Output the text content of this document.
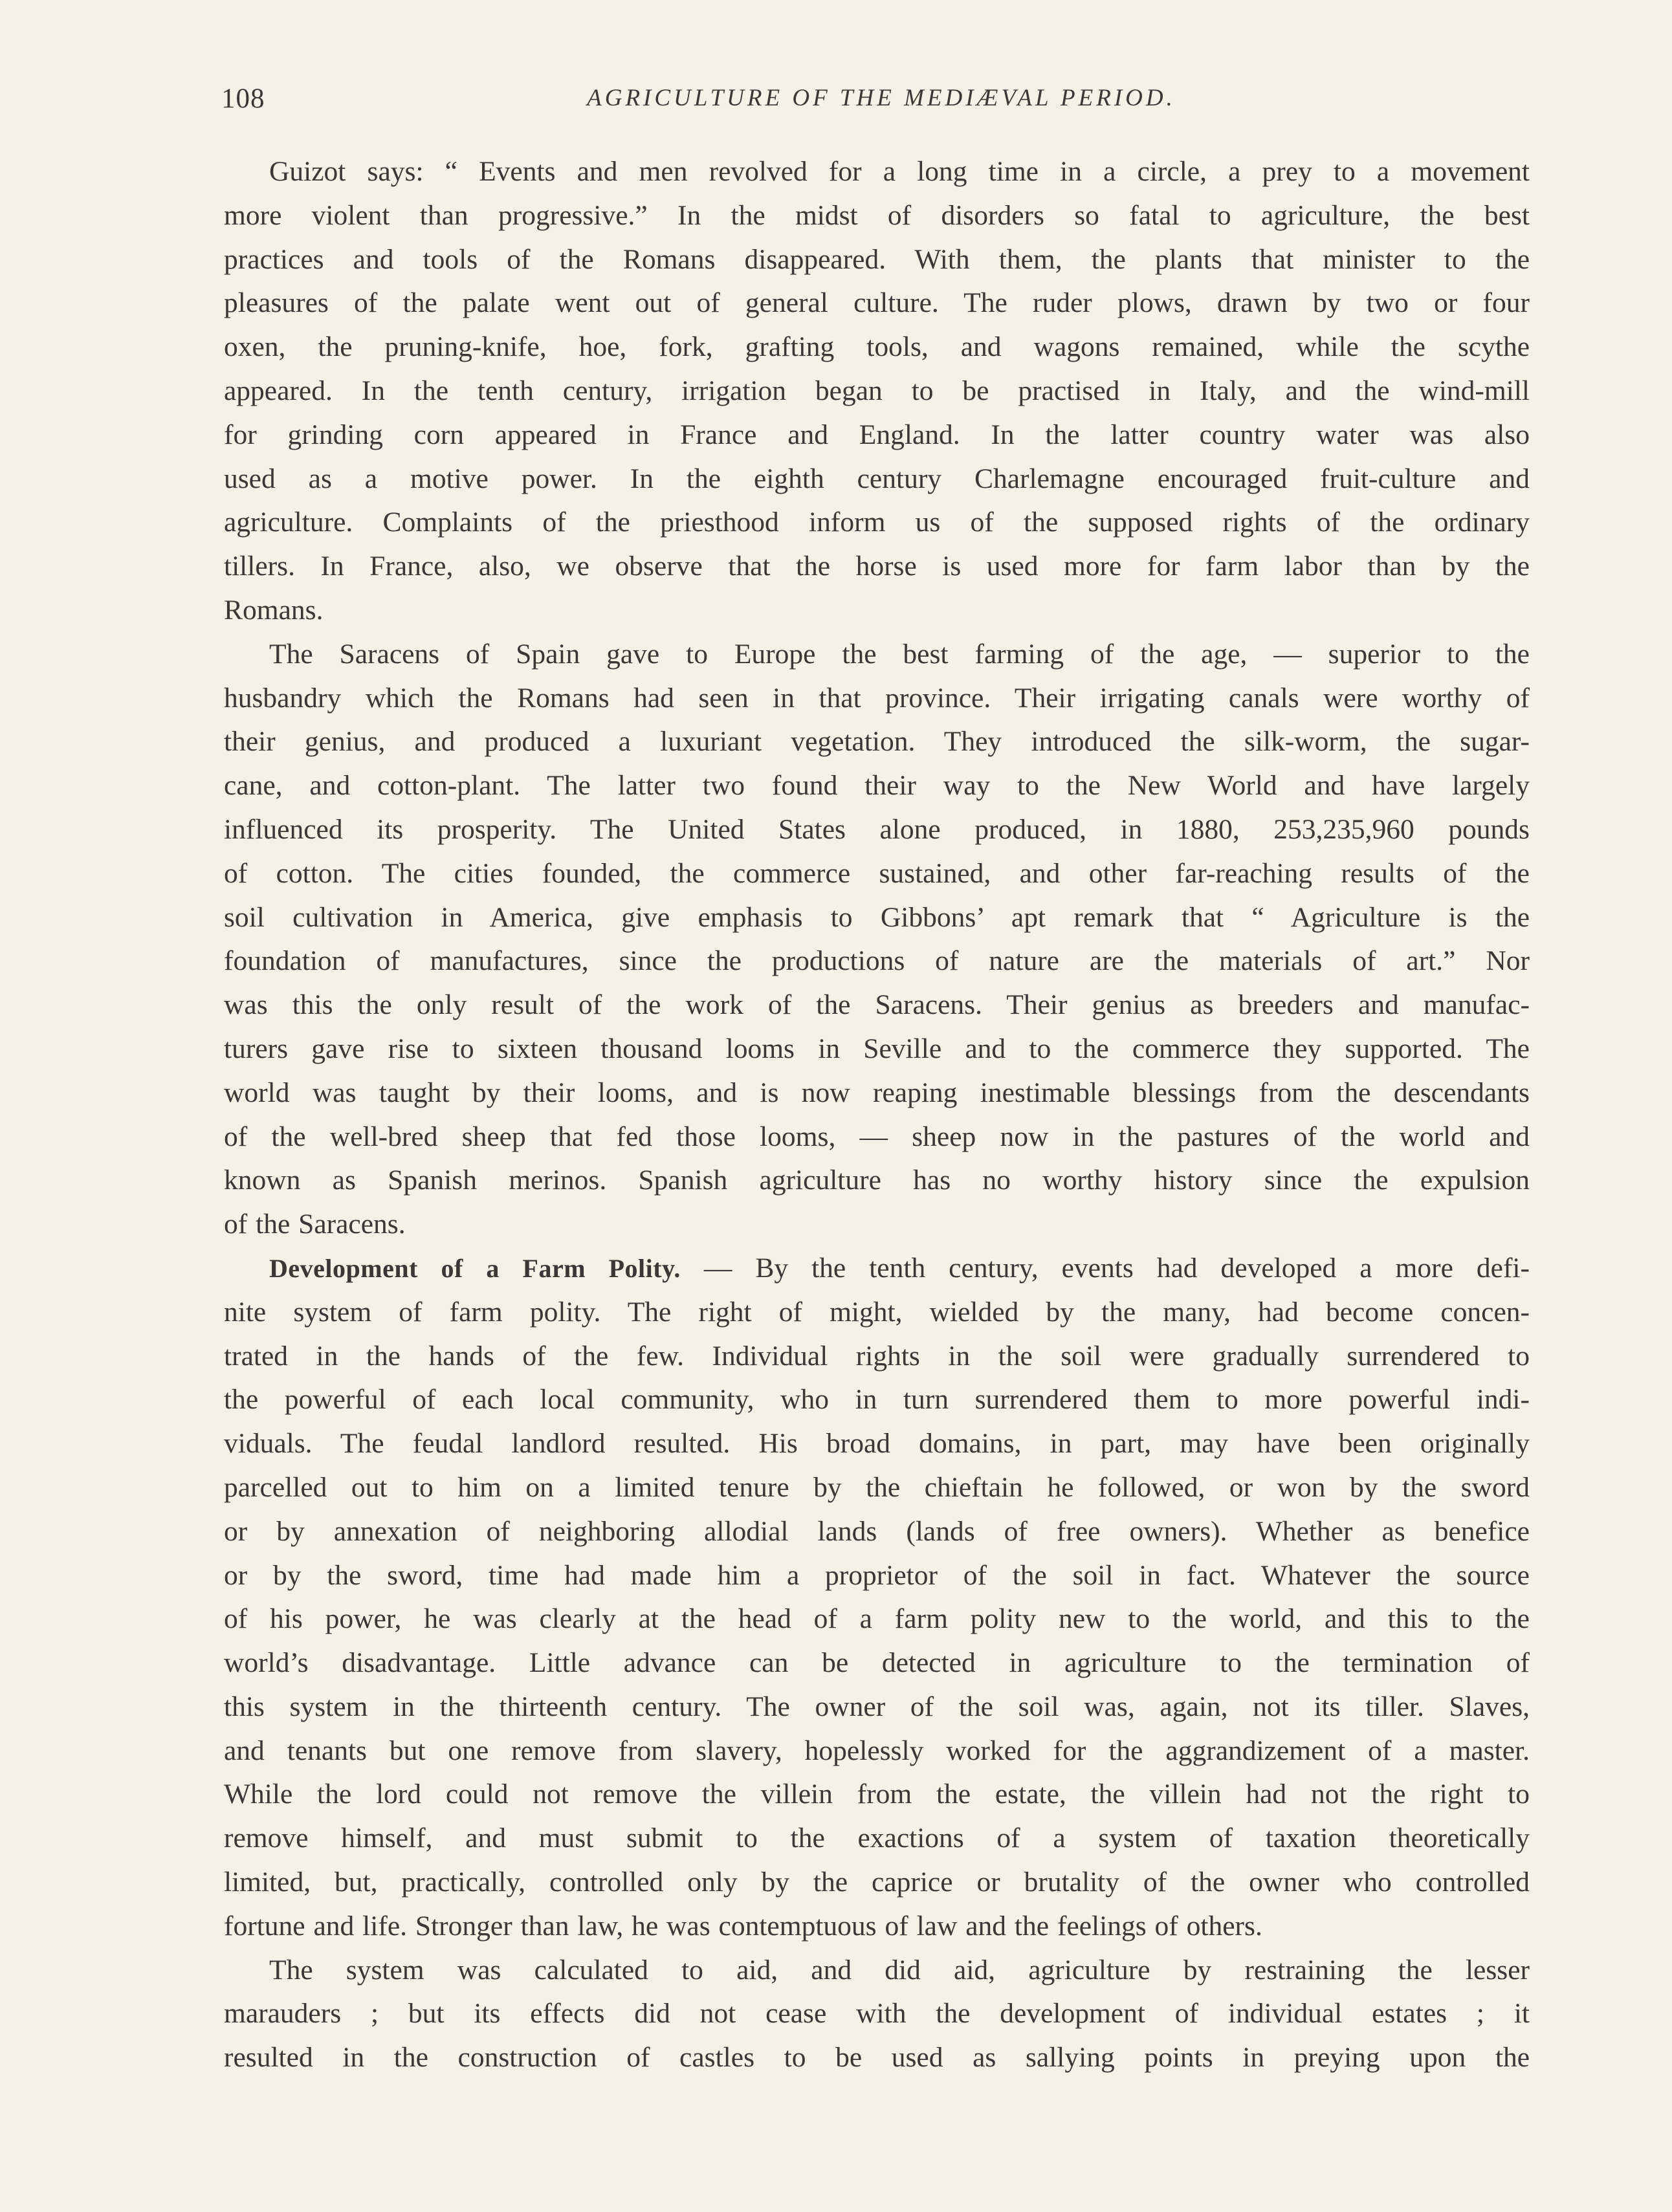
108	AGRICULTURE OF THE MEDIÆVAL PERIOD.
Guizot says: “ Events and men revolved for a long time in a circle, a prey to a movement
more violent than progressive.” In the midst of disorders so fatal to agriculture, the best
practices and tools of the Romans disappeared. With them, the plants that minister to the
pleasures of the palate went out of general culture. The ruder plows, drawn by two or four
oxen, the pruning-knife, hoe, fork, grafting tools, and wagons remained, while the scythe
appeared. In the tenth century, irrigation began to be practised in Italy, and the wind-mill
for grinding corn appeared in France and England. In the latter country water was also
used as a motive power. In the eighth century Charlemagne encouraged fruit-culture and
agriculture. Complaints of the priesthood inform us of the supposed rights of the ordinary
tillers. In France, also, we observe that the horse is used more for farm labor than by the
Romans.
The Saracens of Spain gave to Europe the best farming of the age, — superior to the
husbandry which the Romans had seen in that province. Their irrigating canals were worthy of
their genius, and produced a luxuriant vegetation. They introduced the silk-worm, the sugar-
cane, and cotton-plant. The latter two found their way to the New World and have largely
influenced its prosperity. The United States alone produced, in 1880, 253,235,960 pounds
of cotton. The cities founded, the commerce sustained, and other far-reaching results of the
soil cultivation in America, give emphasis to Gibbons’ apt remark that “ Agriculture is the
foundation of manufactures, since the productions of nature are the materials of art.” Nor
was this the only result of the work of the Saracens. Their genius as breeders and manufac-
turers gave rise to sixteen thousand looms in Seville and to the commerce they supported. The
world was taught by their looms, and is now reaping inestimable blessings from the descendants
of the well-bred sheep that fed those looms, — sheep now in the pastures of the world and
known as Spanish merinos. Spanish agriculture has no worthy history since the expulsion
of the Saracens.
Development of a Farm Polity. — By the tenth century, events had developed a more defi-
nite system of farm polity. The right of might, wielded by the many, had become concen-
trated in the hands of the few. Individual rights in the soil were gradually surrendered to
the powerful of each local community, who in turn surrendered them to more powerful indi-
viduals. The feudal landlord resulted. His broad domains, in part, may have been originally
parcelled out to him on a limited tenure by the chieftain he followed, or won by the sword
or by annexation of neighboring allodial lands (lands of free owners). Whether as benefice
or by the sword, time had made him a proprietor of the soil in fact. Whatever the source
of his power, he was clearly at the head of a farm polity new to the world, and this to the
world’s disadvantage. Little advance can be detected in agriculture to the termination of
this system in the thirteenth century. The owner of the soil was, again, not its tiller. Slaves,
and tenants but one remove from slavery, hopelessly worked for the aggrandizement of a master.
While the lord could not remove the villein from the estate, the villein had not the right to
remove himself, and must submit to the exactions of a system of taxation theoretically
limited, but, practically, controlled only by the caprice or brutality of the owner who controlled
fortune and life. Stronger than law, he was contemptuous of law and the feelings of others.
The system was calculated to aid, and did aid, agriculture by restraining the lesser
marauders ; but its effects did not cease with the development of individual estates ; it
resulted in the construction of castles to be used as sallying points in preying upon the
